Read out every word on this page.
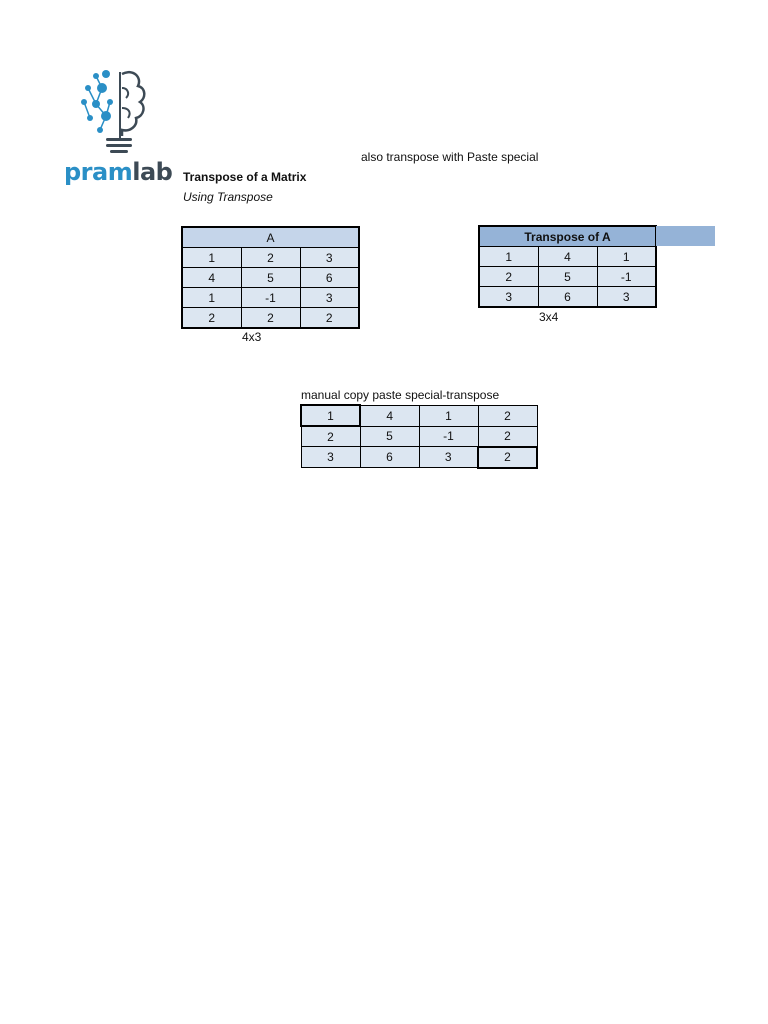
pramlab
also transpose with Paste special
Transpose of a Matrix
Using Transpose
A		
1	2	3
4	5	6
1	-1	3
2	2	2
4x3
Transpose of A		
1	4	1
2	5	-1
3	6	3
3x4
manual copy paste special-transpose
1	4	1	2
2	5	-1	2
3	6	3	2
